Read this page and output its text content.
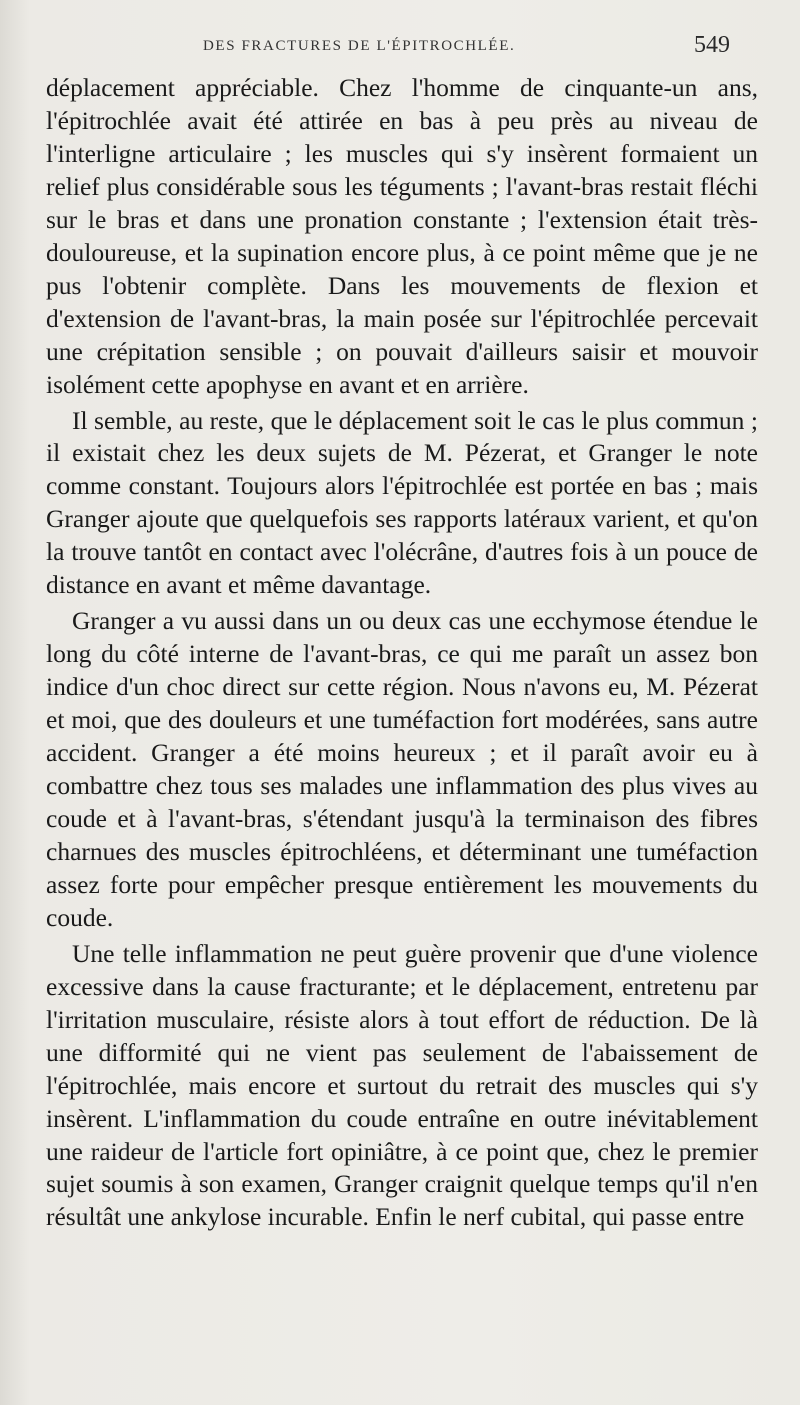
DES FRACTURES DE L'ÉPITROCHLÉE.	549

déplacement appréciable. Chez l'homme de cinquante-un ans, l'épitrochlée avait été attirée en bas à peu près au niveau de l'interligne articulaire ; les muscles qui s'y insèrent formaient un relief plus considérable sous les téguments ; l'avant-bras restait fléchi sur le bras et dans une pronation constante ; l'extension était très-douloureuse, et la supination encore plus, à ce point même que je ne pus l'obtenir complète. Dans les mouvements de flexion et d'extension de l'avant-bras, la main posée sur l'épitrochlée percevait une crépitation sensible ; on pouvait d'ailleurs saisir et mouvoir isolément cette apophyse en avant et en arrière.

Il semble, au reste, que le déplacement soit le cas le plus commun ; il existait chez les deux sujets de M. Pézerat, et Granger le note comme constant. Toujours alors l'épitrochlée est portée en bas ; mais Granger ajoute que quelquefois ses rapports latéraux varient, et qu'on la trouve tantôt en contact avec l'olécrâne, d'autres fois à un pouce de distance en avant et même davantage.

Granger a vu aussi dans un ou deux cas une ecchymose étendue le long du côté interne de l'avant-bras, ce qui me paraît un assez bon indice d'un choc direct sur cette région. Nous n'avons eu, M. Pézerat et moi, que des douleurs et une tuméfaction fort modérées, sans autre accident. Granger a été moins heureux ; et il paraît avoir eu à combattre chez tous ses malades une inflammation des plus vives au coude et à l'avant-bras, s'étendant jusqu'à la terminaison des fibres charnues des muscles épitrochléens, et déterminant une tuméfaction assez forte pour empêcher presque entièrement les mouvements du coude.

Une telle inflammation ne peut guère provenir que d'une violence excessive dans la cause fracturante; et le déplacement, entretenu par l'irritation musculaire, résiste alors à tout effort de réduction. De là une difformité qui ne vient pas seulement de l'abaissement de l'épitrochlée, mais encore et surtout du retrait des muscles qui s'y insèrent. L'inflammation du coude entraîne en outre inévitablement une raideur de l'article fort opiniâtre, à ce point que, chez le premier sujet soumis à son examen, Granger craignit quelque temps qu'il n'en résultât une ankylose incurable. Enfin le nerf cubital, qui passe entre
